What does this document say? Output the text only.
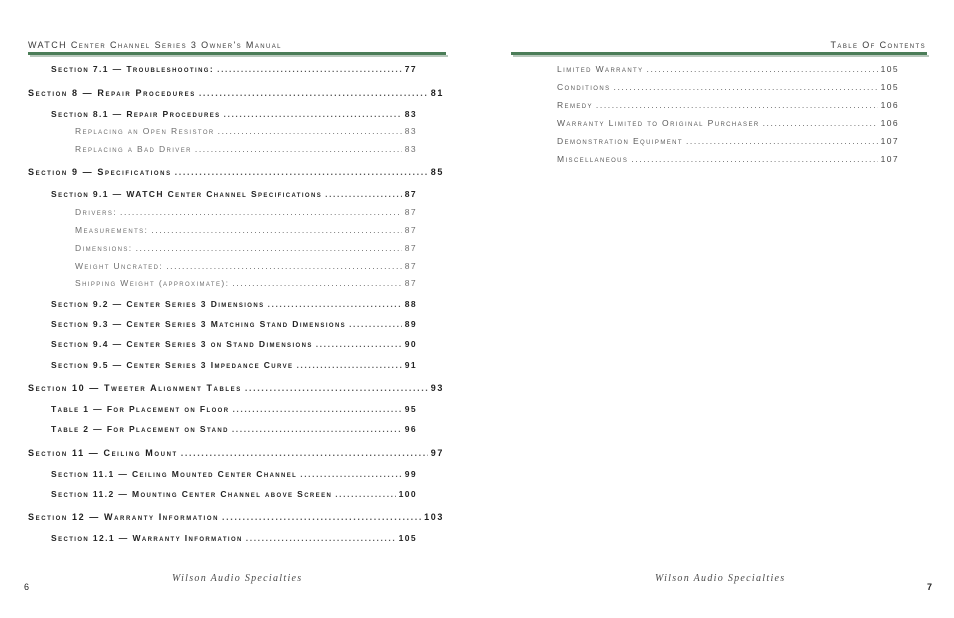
WATCH Center Channel Series 3 Owner's Manual
Section 7.1 — Troubleshooting: .....	77
Section 8 — Repair Procedures .....	81
Section 8.1 — Repair Procedures .....	83
Replacing an Open Resistor .....	83
Replacing a Bad Driver .....	83
Section 9 — Specifications .....	85
Section 9.1 — WATCH Center Channel Specifications .....	87
Drivers: .....	87
Measurements: .....	87
Dimensions: .....	87
Weight Uncrated: .....	87
Shipping Weight (approximate): .....	87
Section 9.2 — Center Series 3 Dimensions .....	88
Section 9.3 — Center Series 3 Matching Stand Dimensions .....	89
Section 9.4 — Center Series 3 on Stand Dimensions .....	90
Section 9.5 — Center Series 3 Impedance Curve .....	91
Section 10 — Tweeter Alignment Tables .....	93
Table 1 — For Placement on Floor .....	95
Table 2 — For Placement on Stand .....	96
Section 11 — Ceiling Mount .....	97
Section 11.1 — Ceiling Mounted Center Channel .....	99
Section 11.2 — Mounting Center Channel above Screen .....	100
Section 12 — Warranty Information .....	103
Section 12.1 — Warranty Information .....	105
Wilson Audio Specialties
6
Table Of Contents
Limited Warranty .....	105
Conditions .....	105
Remedy .....	106
Warranty Limited to Original Purchaser .....	106
Demonstration Equipment .....	107
Miscellaneous .....	107
Wilson Audio Specialties
7
